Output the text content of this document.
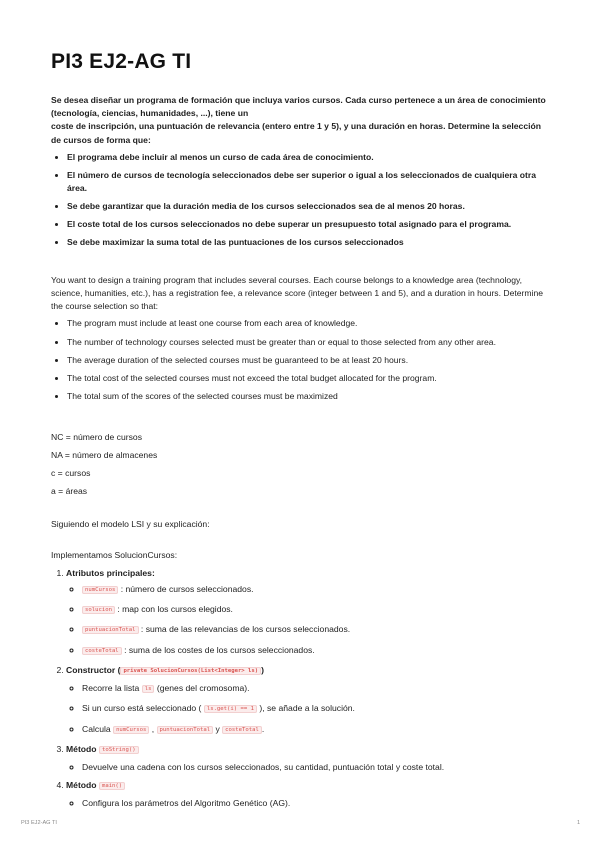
PI3 EJ2-AG TI

Se desea diseñar un programa de formación que incluya varios cursos. Cada curso pertenece a un área de conocimiento (tecnología, ciencias, humanidades, ...), tiene un
coste de inscripción, una puntuación de relevancia (entero entre 1 y 5), y una duración en horas. Determine la selección de cursos de forma que:

• El programa debe incluir al menos un curso de cada área de conocimiento.
• El número de cursos de tecnología seleccionados debe ser superior o igual a los seleccionados de cualquiera otra área.
• Se debe garantizar que la duración media de los cursos seleccionados sea de al menos 20 horas.
• El coste total de los cursos seleccionados no debe superar un presupuesto total asignado para el programa.
• Se debe maximizar la suma total de las puntuaciones de los cursos seleccionados

You want to design a training program that includes several courses. Each course belongs to a knowledge area (technology, science, humanities, etc.), has a registration fee, a relevance score (integer between 1 and 5), and a duration in hours. Determine the course selection so that:

• The program must include at least one course from each area of knowledge.
• The number of technology courses selected must be greater than or equal to those selected from any other area.
• The average duration of the selected courses must be guaranteed to be at least 20 hours.
• The total cost of the selected courses must not exceed the total budget allocated for the program.
• The total sum of the scores of the selected courses must be maximized

NC = número de cursos

NA = número de almacenes

c = cursos

a = áreas

Siguiendo el modelo LSI y su explicación:

Implementamos SolucionCursos:

1. Atributos principales:
◦ numCursos : número de cursos seleccionados.
◦ solucion : map con los cursos elegidos.
◦ puntuacionTotal : suma de las relevancias de los cursos seleccionados.
◦ costeTotal : suma de los costes de los cursos seleccionados.
2. Constructor ( private SolucionCursos(List<Integer> ls) )
◦ Recorre la lista ls (genes del cromosoma).
◦ Si un curso está seleccionado ( ls.get(i) == 1 ), se añade a la solución.
◦ Calcula numCursos , puntuacionTotal y costeTotal .
3. Método toString()
◦ Devuelve una cadena con los cursos seleccionados, su cantidad, puntuación total y coste total.
4. Método main()
◦ Configura los parámetros del Algoritmo Genético (AG).
PI3 EJ2-AG TI	1
